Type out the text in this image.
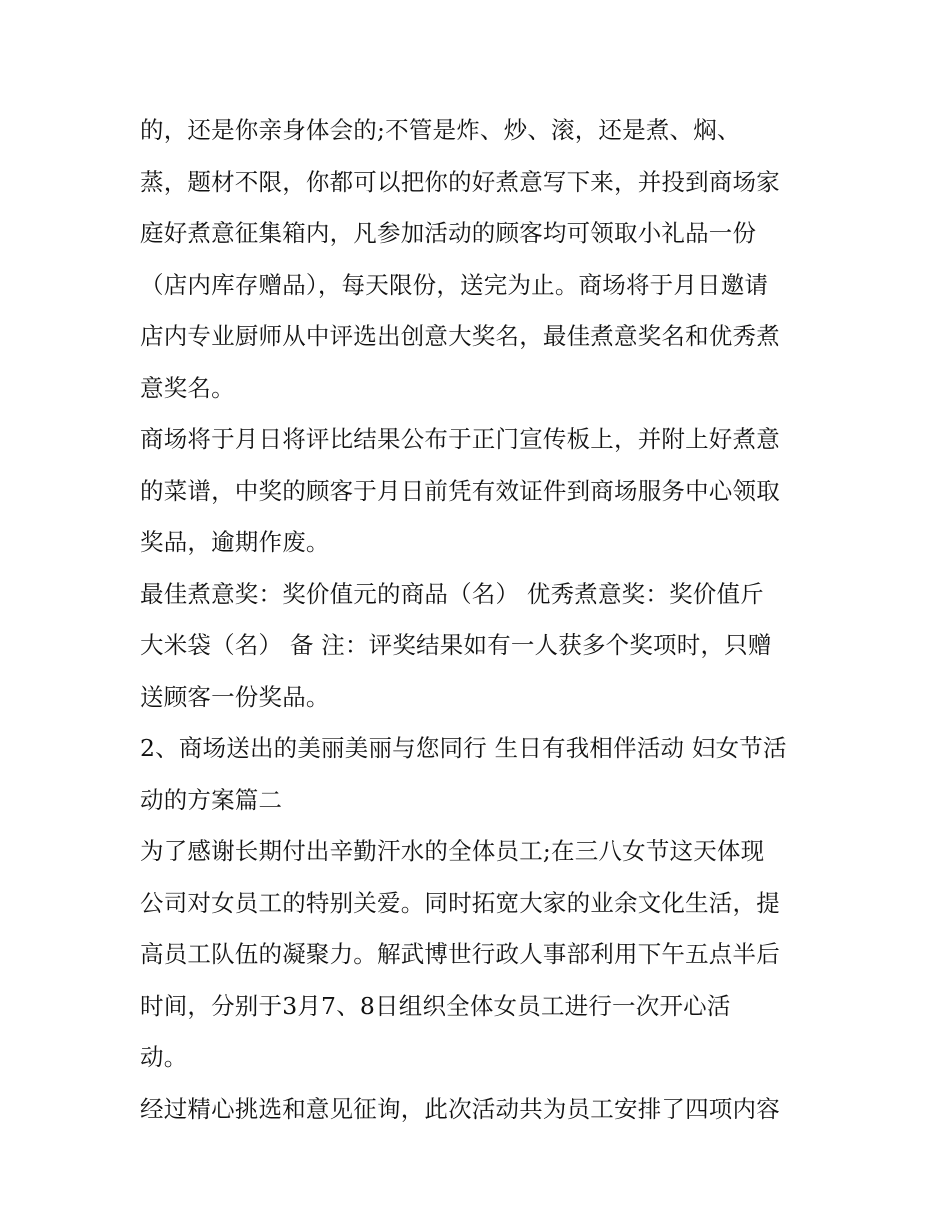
的，还是你亲身体会的;不管是炸、炒、滚，还是煮、焖、
蒸，题材不限，你都可以把你的好煮意写下来，并投到商场家
庭好煮意征集箱内，凡参加活动的顾客均可领取小礼品一份
（店内库存赠品），每天限份，送完为止。商场将于月日邀请
店内专业厨师从中评选出创意大奖名，最佳煮意奖名和优秀煮
意奖名。
商场将于月日将评比结果公布于正门宣传板上，并附上好煮意
的菜谱，中奖的顾客于月日前凭有效证件到商场服务中心领取
奖品，逾期作废。
最佳煮意奖：奖价值元的商品（名） 优秀煮意奖：奖价值斤
大米袋（名） 备 注：评奖结果如有一人获多个奖项时，只赠
送顾客一份奖品。
2、商场送出的美丽美丽与您同行 生日有我相伴活动 妇女节活
动的方案篇二
为了感谢长期付出辛勤汗水的全体员工;在三八女节这天体现
公司对女员工的特别关爱。同时拓宽大家的业余文化生活，提
高员工队伍的凝聚力。解武博世行政人事部利用下午五点半后
时间，分别于3月7、8日组织全体女员工进行一次开心活
动。
经过精心挑选和意见征询，此次活动共为员工安排了四项内容
